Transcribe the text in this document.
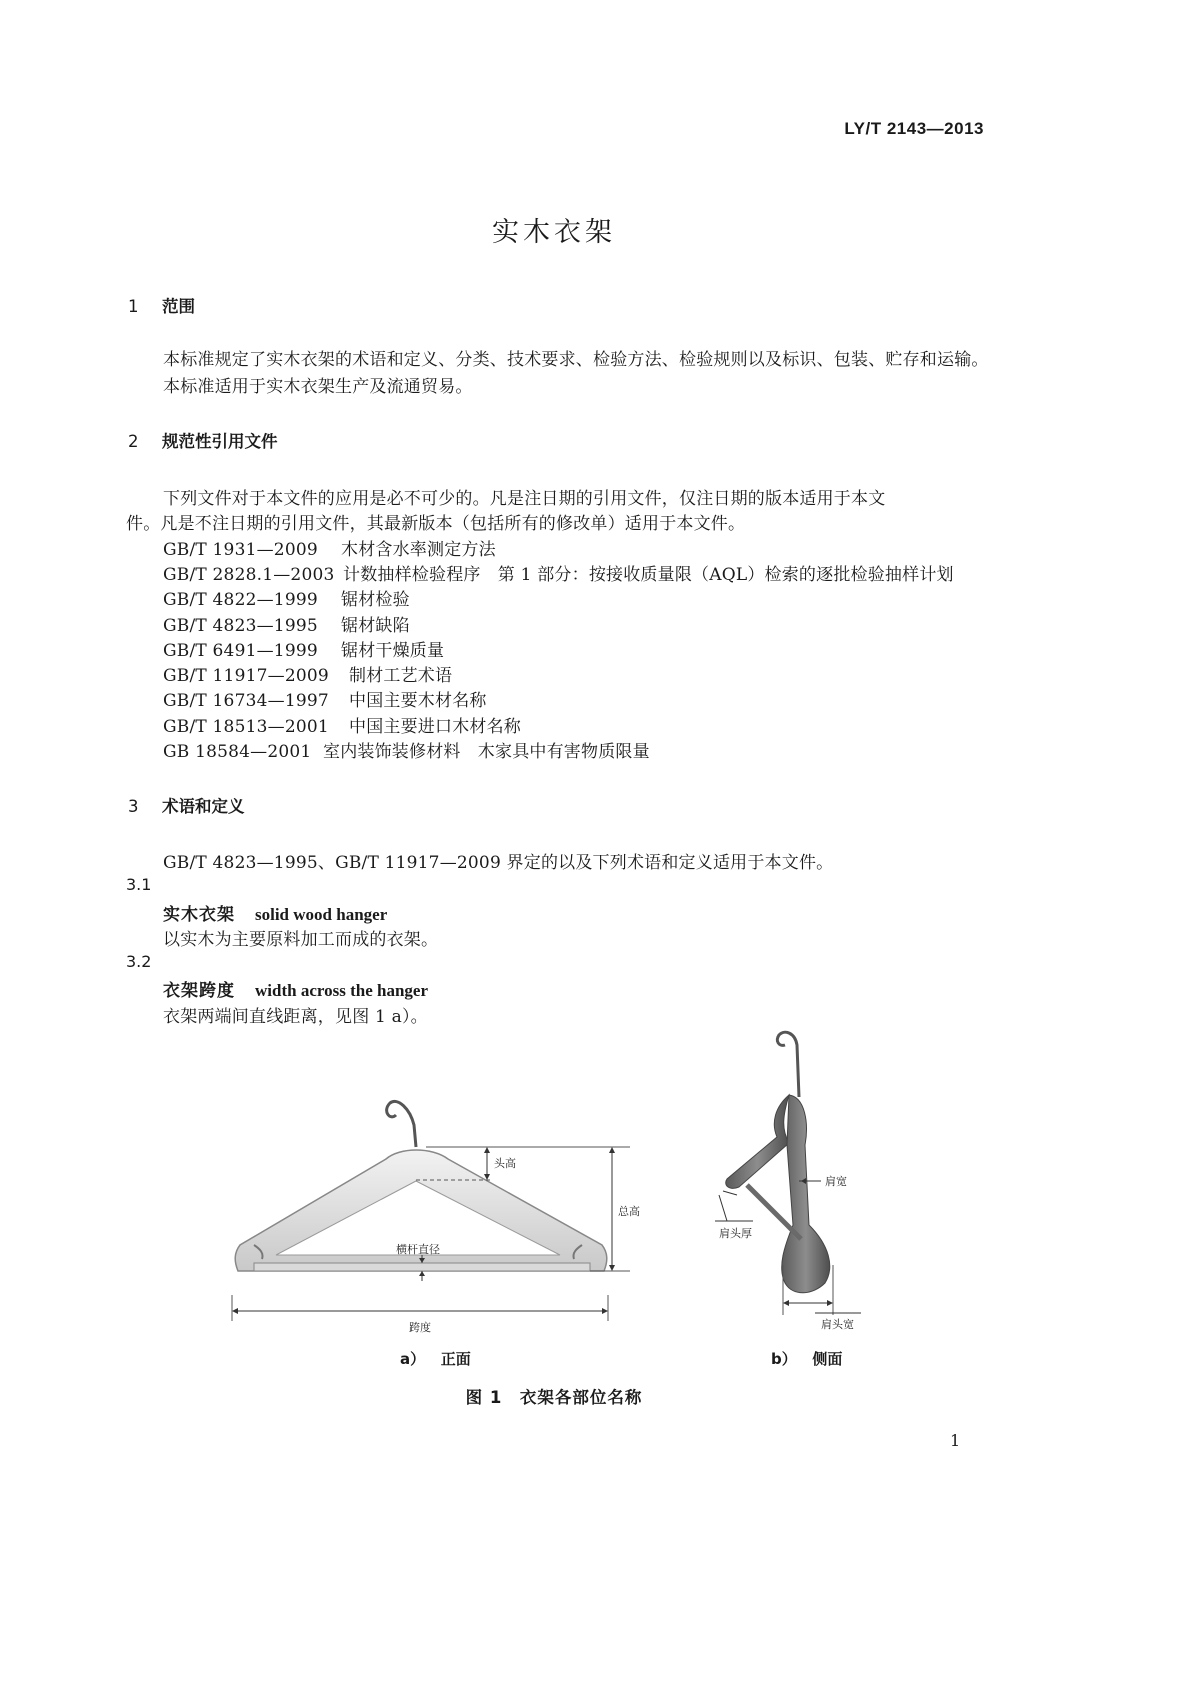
LY/T 2143—2013
实木衣架
1 范围
本标准规定了实木衣架的术语和定义、分类、技术要求、检验方法、检验规则以及标识、包装、贮存和运输。
本标准适用于实木衣架生产及流通贸易。
2 规范性引用文件
下列文件对于本文件的应用是必不可少的。凡是注日期的引用文件，仅注日期的版本适用于本文
件。凡是不注日期的引用文件，其最新版本（包括所有的修改单）适用于本文件。
GB/T 1931—2009 木材含水率测定方法
GB/T 2828.1—2003 计数抽样检验程序　第 1 部分：按接收质量限（AQL）检索的逐批检验抽样计划
GB/T 4822—1999 锯材检验
GB/T 4823—1995 锯材缺陷
GB/T 6491—1999 锯材干燥质量
GB/T 11917—2009 制材工艺术语
GB/T 16734—1997 中国主要木材名称
GB/T 18513—2001 中国主要进口木材名称
GB 18584—2001 室内装饰装修材料　木家具中有害物质限量
3 术语和定义
GB/T 4823—1995、GB/T 11917—2009 界定的以及下列术语和定义适用于本文件。
3.1
实木衣架 solid wood hanger
以实木为主要原料加工而成的衣架。
3.2
衣架跨度 width across the hanger
衣架两端间直线距离，见图 1 a）。
头高
总高
横杆直径
跨度
a） 正面
肩宽
肩头厚
肩头宽
b） 侧面
图 1　衣架各部位名称
1
